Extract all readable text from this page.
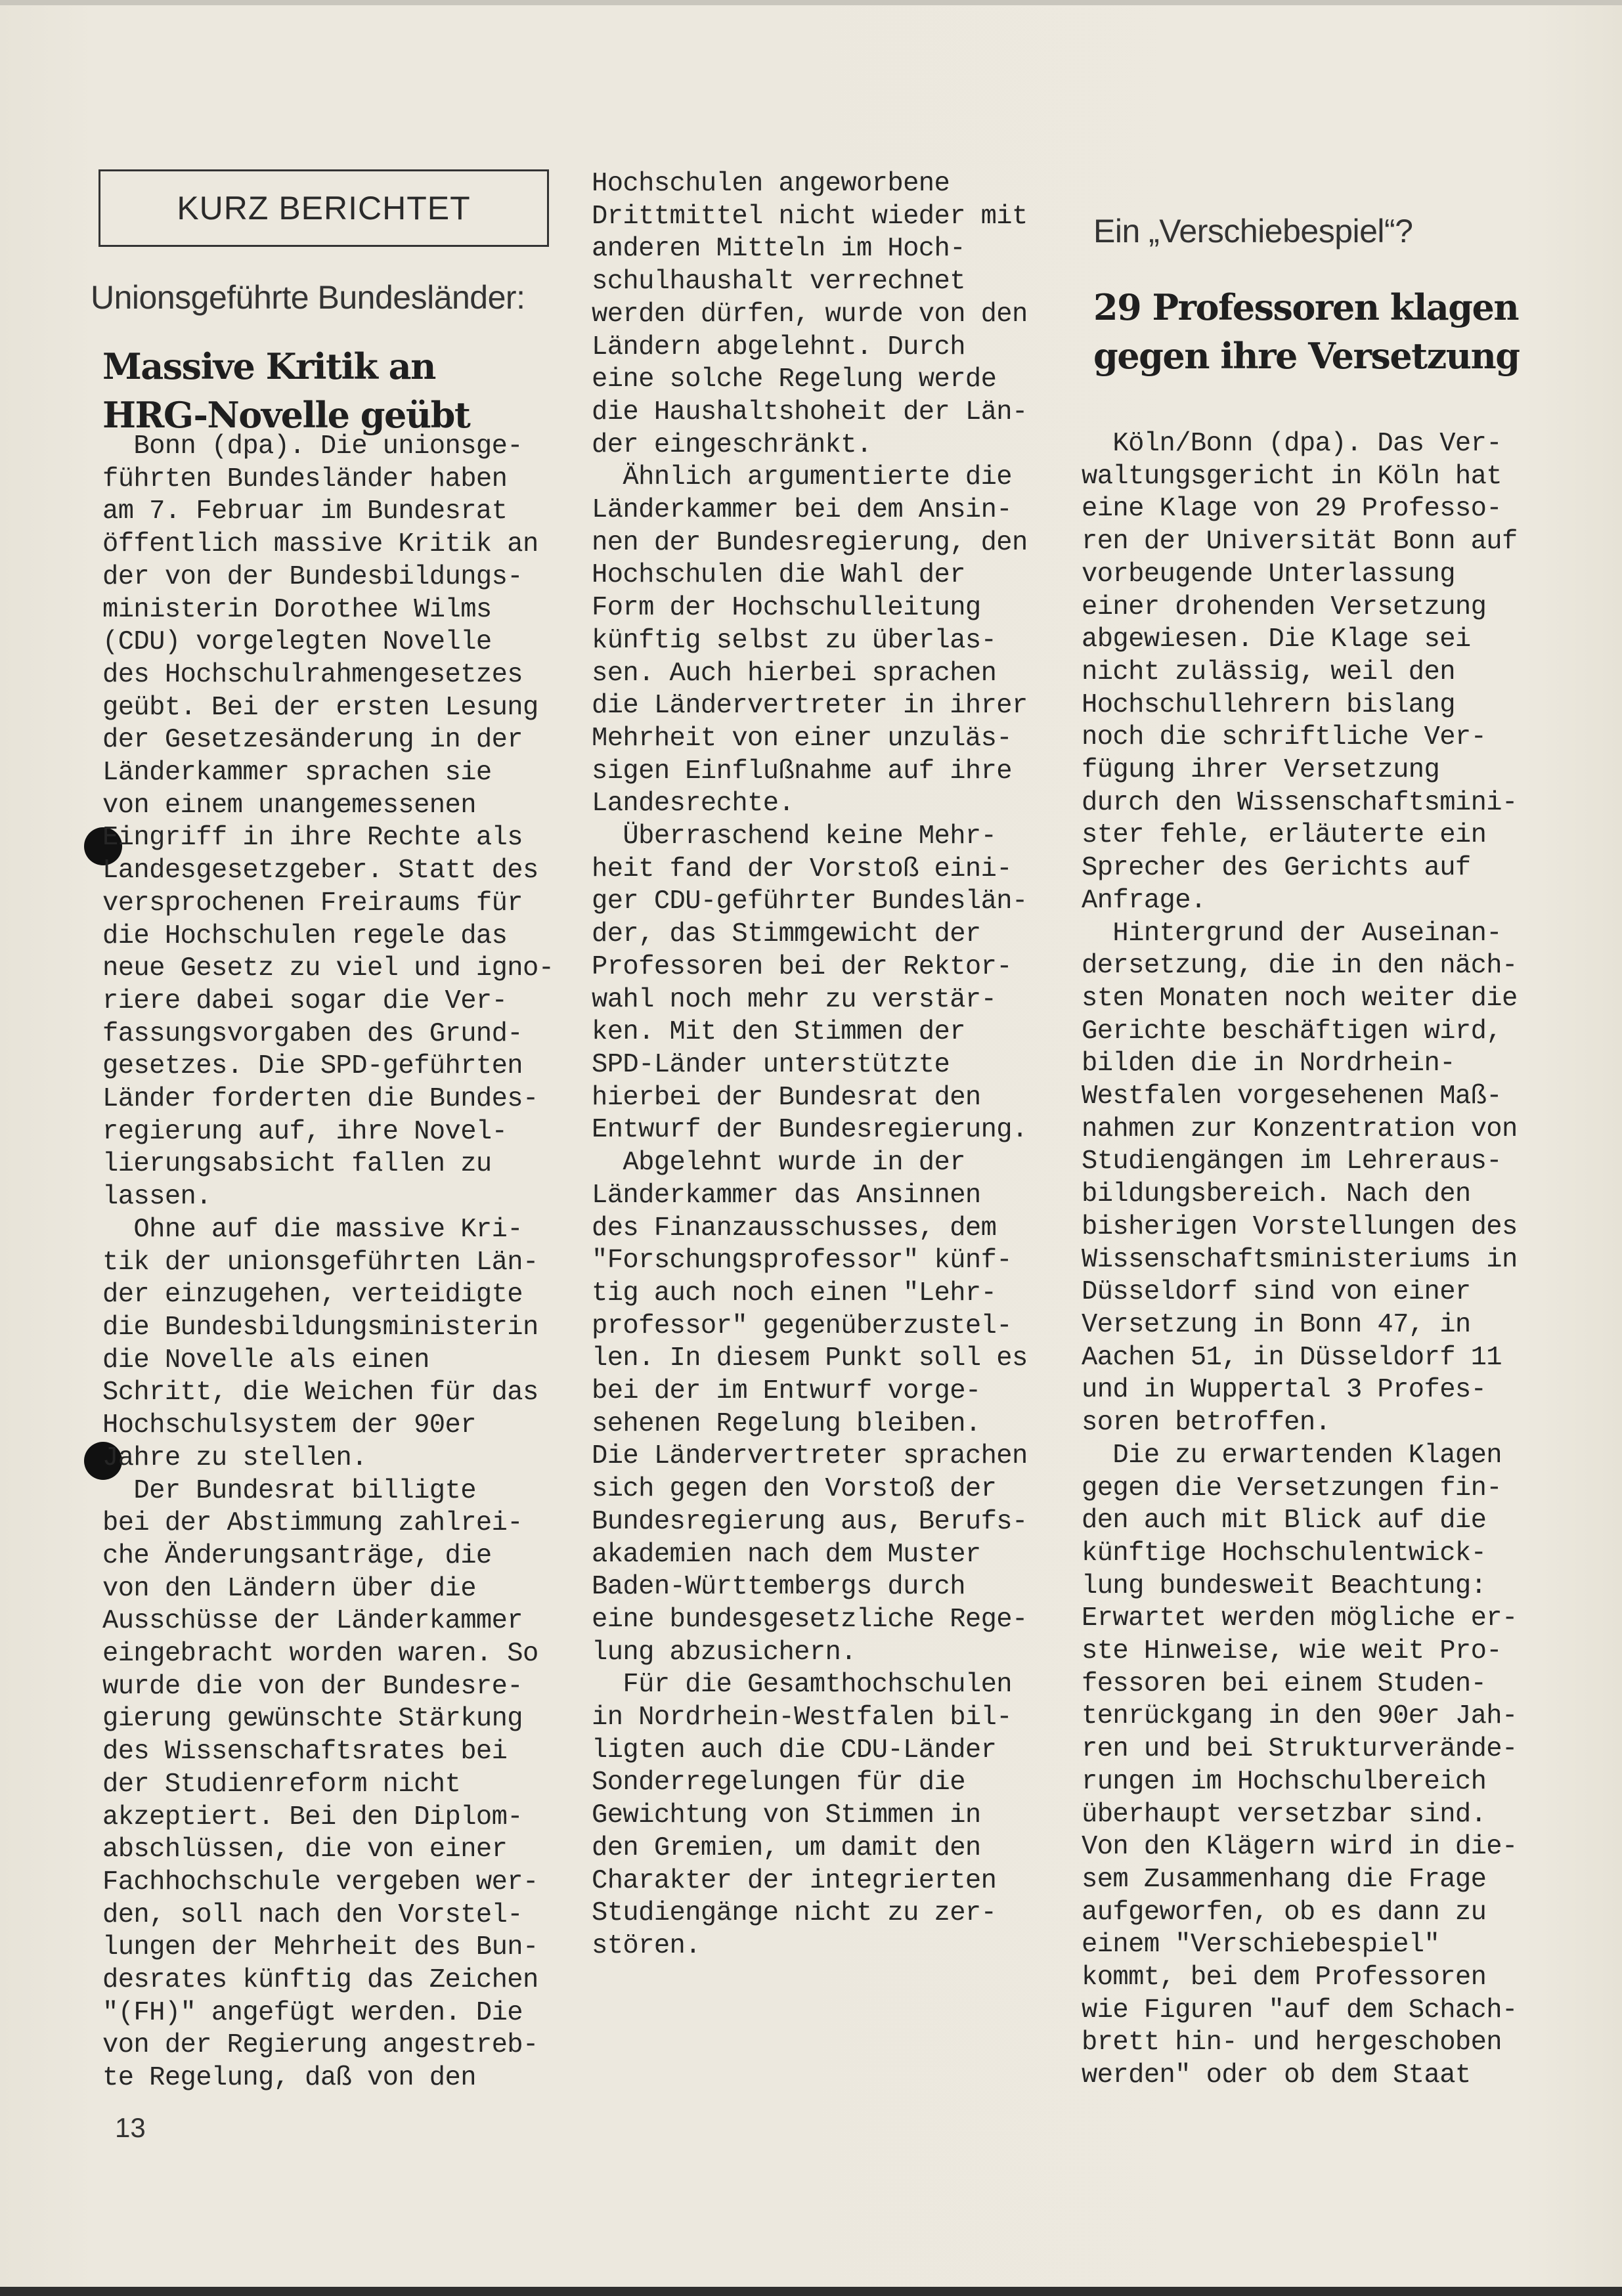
KURZ BERICHTET
Unionsgeführte Bundesländer:
Massive Kritik an
HRG-Novelle geübt
Ein „Verschiebespiel“?
29 Professoren klagen
gegen ihre Versetzung
Bonn (dpa). Die unionsge-
führten Bundesländer haben
am 7. Februar im Bundesrat
öffentlich massive Kritik an
der von der Bundesbildungs-
ministerin Dorothee Wilms
(CDU) vorgelegten Novelle
des Hochschulrahmengesetzes
geübt. Bei der ersten Lesung
der Gesetzesänderung in der
Länderkammer sprachen sie
von einem unangemessenen
Eingriff in ihre Rechte als
Landesgesetzgeber. Statt des
versprochenen Freiraums für
die Hochschulen regele das
neue Gesetz zu viel und igno-
riere dabei sogar die Ver-
fassungsvorgaben des Grund-
gesetzes. Die SPD-geführten
Länder forderten die Bundes-
regierung auf, ihre Novel-
lierungsabsicht fallen zu
lassen.
Ohne auf die massive Kri-
tik der unionsgeführten Län-
der einzugehen, verteidigte
die Bundesbildungsministerin
die Novelle als einen
Schritt, die Weichen für das
Hochschulsystem der 90er
Jahre zu stellen.
Der Bundesrat billigte
bei der Abstimmung zahlrei-
che Änderungsanträge, die
von den Ländern über die
Ausschüsse der Länderkammer
eingebracht worden waren. So
wurde die von der Bundesre-
gierung gewünschte Stärkung
des Wissenschaftsrates bei
der Studienreform nicht
akzeptiert. Bei den Diplom-
abschlüssen, die von einer
Fachhochschule vergeben wer-
den, soll nach den Vorstel-
lungen der Mehrheit des Bun-
desrates künftig das Zeichen
"(FH)" angefügt werden. Die
von der Regierung angestreb-
te Regelung, daß von den
Hochschulen angeworbene
Drittmittel nicht wieder mit
anderen Mitteln im Hoch-
schulhaushalt verrechnet
werden dürfen, wurde von den
Ländern abgelehnt. Durch
eine solche Regelung werde
die Haushaltshoheit der Län-
der eingeschränkt.
Ähnlich argumentierte die
Länderkammer bei dem Ansin-
nen der Bundesregierung, den
Hochschulen die Wahl der
Form der Hochschulleitung
künftig selbst zu überlas-
sen. Auch hierbei sprachen
die Ländervertreter in ihrer
Mehrheit von einer unzuläs-
sigen Einflußnahme auf ihre
Landesrechte.
Überraschend keine Mehr-
heit fand der Vorstoß eini-
ger CDU-geführter Bundeslän-
der, das Stimmgewicht der
Professoren bei der Rektor-
wahl noch mehr zu verstär-
ken. Mit den Stimmen der
SPD-Länder unterstützte
hierbei der Bundesrat den
Entwurf der Bundesregierung.
Abgelehnt wurde in der
Länderkammer das Ansinnen
des Finanzausschusses, dem
"Forschungsprofessor" künf-
tig auch noch einen "Lehr-
professor" gegenüberzustel-
len. In diesem Punkt soll es
bei der im Entwurf vorge-
sehenen Regelung bleiben.
Die Ländervertreter sprachen
sich gegen den Vorstoß der
Bundesregierung aus, Berufs-
akademien nach dem Muster
Baden-Württembergs durch
eine bundesgesetzliche Rege-
lung abzusichern.
Für die Gesamthochschulen
in Nordrhein-Westfalen bil-
ligten auch die CDU-Länder
Sonderregelungen für die
Gewichtung von Stimmen in
den Gremien, um damit den
Charakter der integrierten
Studiengänge nicht zu zer-
stören.
Köln/Bonn (dpa). Das Ver-
waltungsgericht in Köln hat
eine Klage von 29 Professo-
ren der Universität Bonn auf
vorbeugende Unterlassung
einer drohenden Versetzung
abgewiesen. Die Klage sei
nicht zulässig, weil den
Hochschullehrern bislang
noch die schriftliche Ver-
fügung ihrer Versetzung
durch den Wissenschaftsmini-
ster fehle, erläuterte ein
Sprecher des Gerichts auf
Anfrage.
Hintergrund der Auseinan-
dersetzung, die in den näch-
sten Monaten noch weiter die
Gerichte beschäftigen wird,
bilden die in Nordrhein-
Westfalen vorgesehenen Maß-
nahmen zur Konzentration von
Studiengängen im Lehreraus-
bildungsbereich. Nach den
bisherigen Vorstellungen des
Wissenschaftsministeriums in
Düsseldorf sind von einer
Versetzung in Bonn 47, in
Aachen 51, in Düsseldorf 11
und in Wuppertal 3 Profes-
soren betroffen.
Die zu erwartenden Klagen
gegen die Versetzungen fin-
den auch mit Blick auf die
künftige Hochschulentwick-
lung bundesweit Beachtung:
Erwartet werden mögliche er-
ste Hinweise, wie weit Pro-
fessoren bei einem Studen-
tenrückgang in den 90er Jah-
ren und bei Strukturverände-
rungen im Hochschulbereich
überhaupt versetzbar sind.
Von den Klägern wird in die-
sem Zusammenhang die Frage
aufgeworfen, ob es dann zu
einem "Verschiebespiel"
kommt, bei dem Professoren
wie Figuren "auf dem Schach-
brett hin- und hergeschoben
werden" oder ob dem Staat
13
